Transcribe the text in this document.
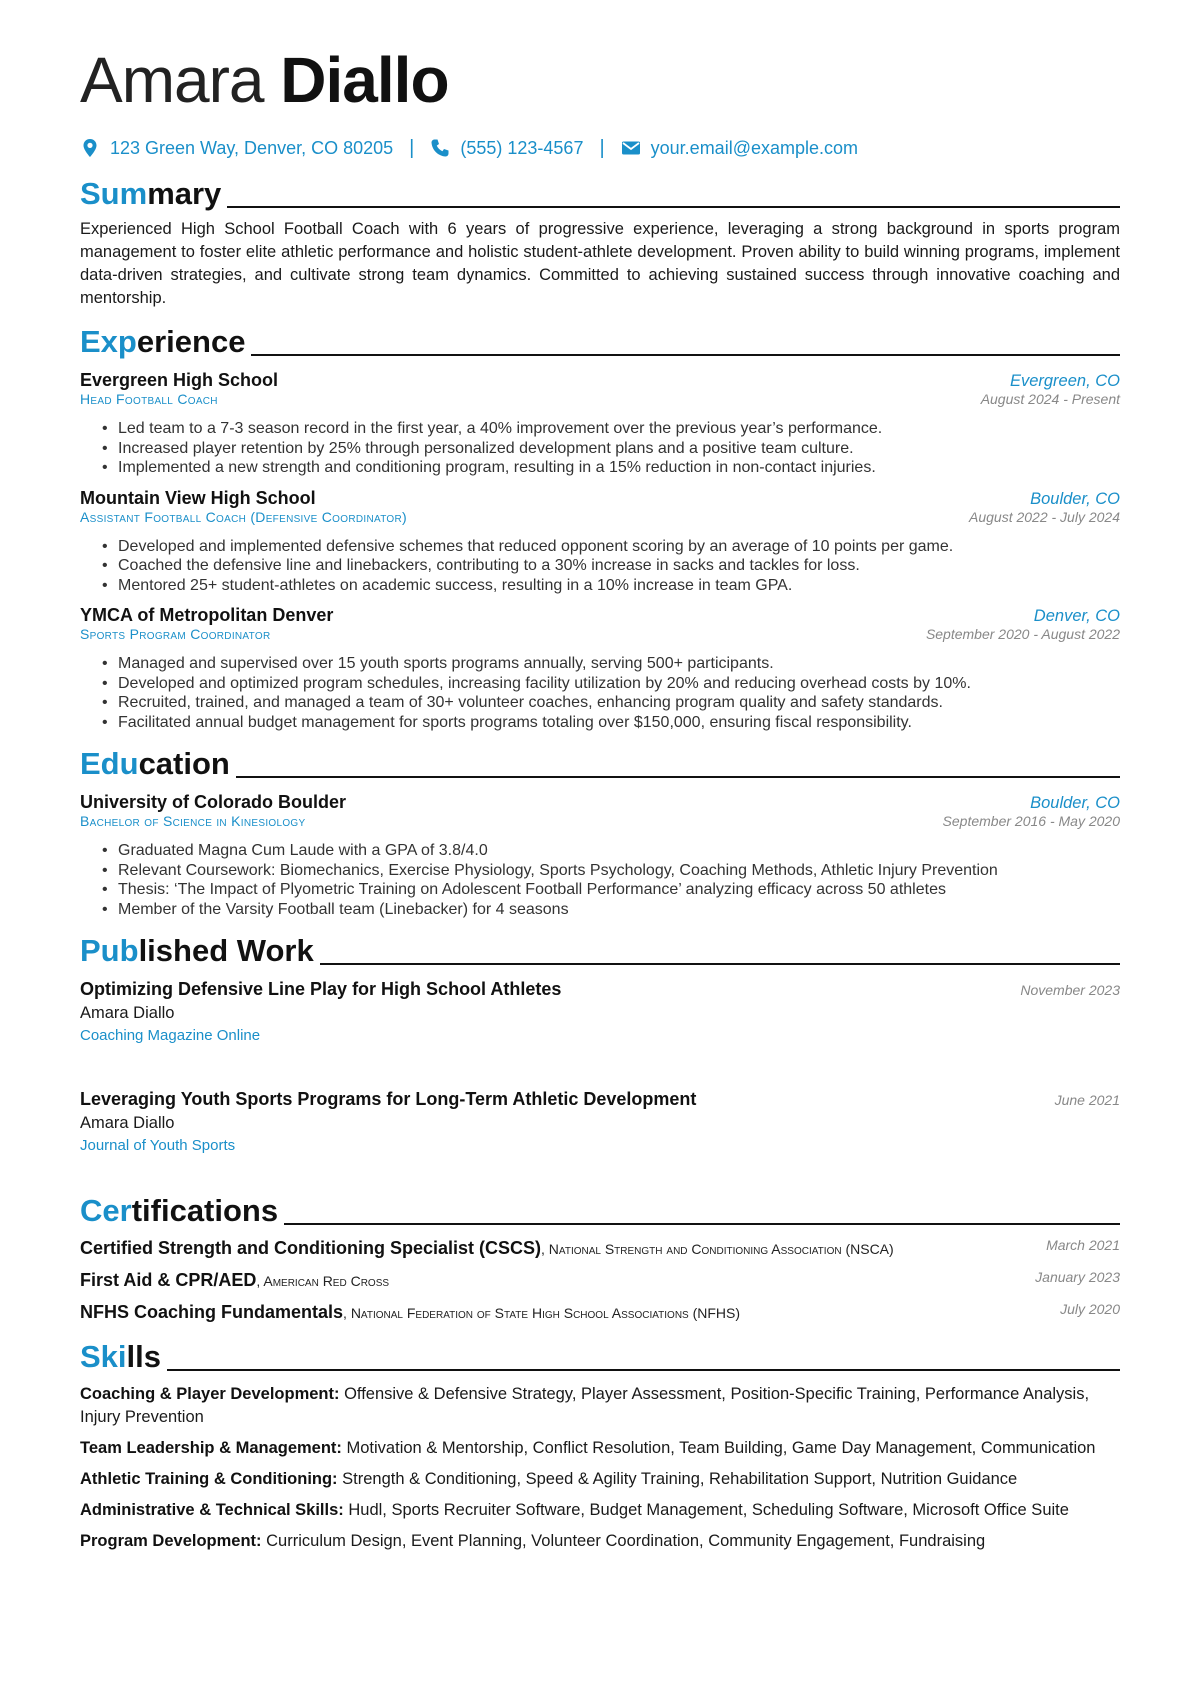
Amara Diallo
123 Green Way, Denver, CO 80205 |	(555) 123-4567 |	your.email@example.com
Summary
Experienced High School Football Coach with 6 years of progressive experience, leveraging a strong background in sports program management to foster elite athletic performance and holistic student-athlete development. Proven ability to build winning programs, implement data-driven strategies, and cultivate strong team dynamics. Committed to achieving sustained success through innovative coaching and mentorship.
Experience
Evergreen High School	Evergreen, CO
Head Football Coach	August 2024 - Present
• Led team to a 7-3 season record in the first year, a 40% improvement over the previous year’s performance.
• Increased player retention by 25% through personalized development plans and a positive team culture.
• Implemented a new strength and conditioning program, resulting in a 15% reduction in non-contact injuries.
Mountain View High School	Boulder, CO
Assistant Football Coach (Defensive Coordinator)	August 2022 - July 2024
• Developed and implemented defensive schemes that reduced opponent scoring by an average of 10 points per game.
• Coached the defensive line and linebackers, contributing to a 30% increase in sacks and tackles for loss.
• Mentored 25+ student-athletes on academic success, resulting in a 10% increase in team GPA.
YMCA of Metropolitan Denver	Denver, CO
Sports Program Coordinator	September 2020 - August 2022
• Managed and supervised over 15 youth sports programs annually, serving 500+ participants.
• Developed and optimized program schedules, increasing facility utilization by 20% and reducing overhead costs by 10%.
• Recruited, trained, and managed a team of 30+ volunteer coaches, enhancing program quality and safety standards.
• Facilitated annual budget management for sports programs totaling over $150,000, ensuring fiscal responsibility.
Education
University of Colorado Boulder	Boulder, CO
Bachelor of Science in Kinesiology	September 2016 - May 2020
• Graduated Magna Cum Laude with a GPA of 3.8/4.0
• Relevant Coursework: Biomechanics, Exercise Physiology, Sports Psychology, Coaching Methods, Athletic Injury Prevention
• Thesis: ‘The Impact of Plyometric Training on Adolescent Football Performance’ analyzing efficacy across 50 athletes
• Member of the Varsity Football team (Linebacker) for 4 seasons
Published Work
Optimizing Defensive Line Play for High School Athletes	November 2023
Amara Diallo
Coaching Magazine Online
Leveraging Youth Sports Programs for Long-Term Athletic Development	June 2021
Amara Diallo
Journal of Youth Sports
Certifications
Certified Strength and Conditioning Specialist (CSCS), National Strength and Conditioning Association (NSCA)	March 2021
First Aid & CPR/AED, American Red Cross	January 2023
NFHS Coaching Fundamentals, National Federation of State High School Associations (NFHS)	July 2020
Skills
Coaching & Player Development: Offensive & Defensive Strategy, Player Assessment, Position-Specific Training, Performance Analysis, Injury Prevention
Team Leadership & Management: Motivation & Mentorship, Conflict Resolution, Team Building, Game Day Management, Communication
Athletic Training & Conditioning: Strength & Conditioning, Speed & Agility Training, Rehabilitation Support, Nutrition Guidance
Administrative & Technical Skills: Hudl, Sports Recruiter Software, Budget Management, Scheduling Software, Microsoft Office Suite
Program Development: Curriculum Design, Event Planning, Volunteer Coordination, Community Engagement, Fundraising
